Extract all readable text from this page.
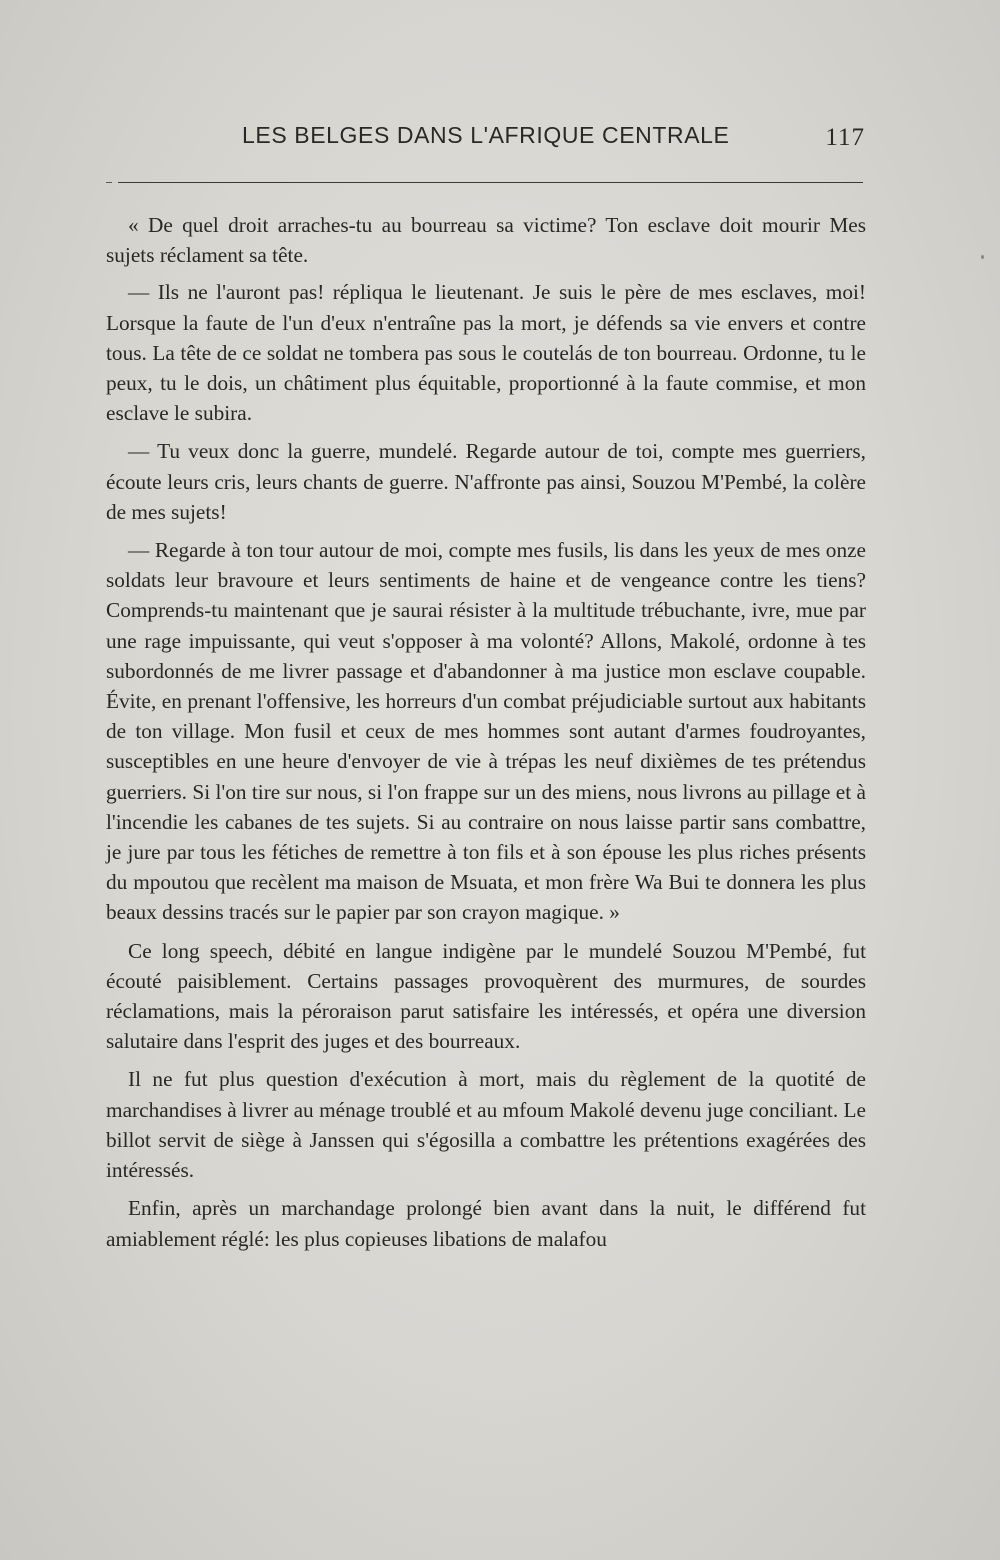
LES BELGES DANS L'AFRIQUE CENTRALE	117

« De quel droit arraches-tu au bourreau sa victime? Ton esclave doit mourir Mes sujets réclament sa tête.

— Ils ne l'auront pas! répliqua le lieutenant. Je suis le père de mes esclaves, moi! Lorsque la faute de l'un d'eux n'entraîne pas la mort, je défends sa vie envers et contre tous. La tête de ce soldat ne tombera pas sous le coutelás de ton bourreau. Ordonne, tu le peux, tu le dois, un châtiment plus équitable, proportionné à la faute commise, et mon esclave le subira.

— Tu veux donc la guerre, mundelé. Regarde autour de toi, compte mes guerriers, écoute leurs cris, leurs chants de guerre. N'affronte pas ainsi, Souzou M'Pembé, la colère de mes sujets!

— Regarde à ton tour autour de moi, compte mes fusils, lis dans les yeux de mes onze soldats leur bravoure et leurs sentiments de haine et de vengeance contre les tiens?Comprends-tu maintenant que je saurai résister à la multitude trébuchante, ivre, mue par une rage impuissante, qui veut s'opposer à ma volonté? Allons, Makolé, ordonne à tes subordonnés de me livrer passage et d'abandonner à ma justice mon esclave coupable. Évite, en prenant l'offensive, les horreurs d'un combat préjudiciable surtout aux habitants de ton village. Mon fusil et ceux de mes hommes sont autant d'armes foudroyantes, susceptibles en une heure d'envoyer de vie à trépas les neuf dixièmes de tes prétendus guerriers. Si l'on tire sur nous, si l'on frappe sur un des miens, nous livrons au pillage et à l'incendie les cabanes de tes sujets. Si au contraire on nous laisse partir sans combattre, je jure par tous les fétiches de remettre à ton fils et à son épouse les plus riches présents du mpoutou que recèlent ma maison de Msuata, et mon frère Wa Bui te donnera les plus beaux dessins tracés sur le papier par son crayon magique. »

Ce long speech, débité en langue indigène par le mundelé Souzou M'Pembé, fut écouté paisiblement. Certains passages provoquèrent des murmures, de sourdes réclamations, mais la péroraison parut satisfaire les intéressés, et opéra une diversion salutaire dans l'esprit des juges et des bourreaux.

Il ne fut plus question d'exécution à mort, mais du règlement de la quotité de marchandises à livrer au ménage troublé et au mfoum Makolé devenu juge conciliant. Le billot servit de siège à Janssen qui s'égosilla a combattre les prétentions exagérées des intéressés.

Enfin, après un marchandage prolongé bien avant dans la nuit, le différend fut amiablement réglé: les plus copieuses libations de malafou
